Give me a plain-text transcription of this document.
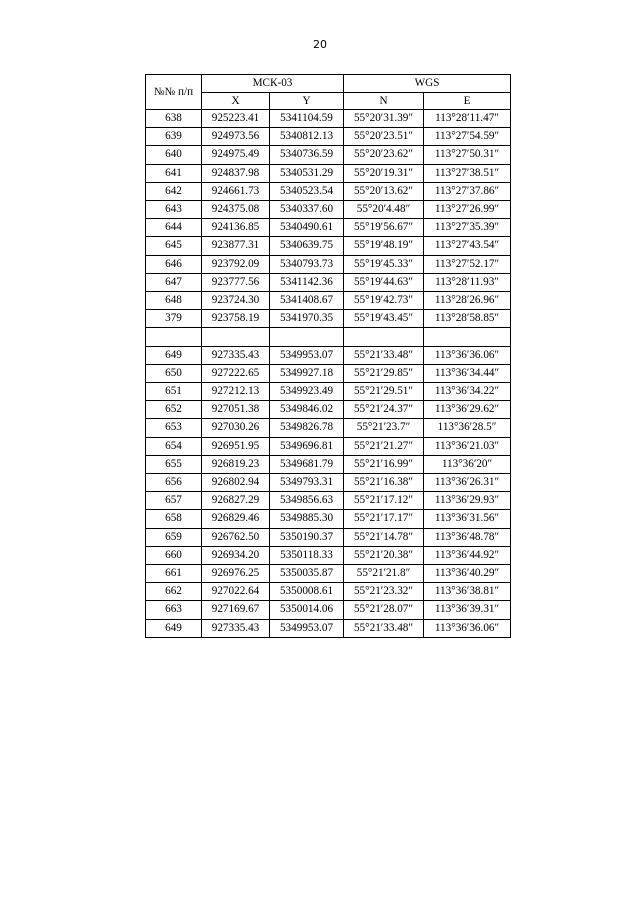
20
№№ п/п	МСК-03		WGS	
	X	Y	N	E
638	925223.41	5341104.59	55°20′31.39″	113°28′11.47″
639	924973.56	5340812.13	55°20′23.51″	113°27′54.59″
640	924975.49	5340736.59	55°20′23.62″	113°27′50.31″
641	924837.98	5340531.29	55°20′19.31″	113°27′38.51″
642	924661.73	5340523.54	55°20′13.62″	113°27′37.86″
643	924375.08	5340337.60	55°20′4.48″	113°27′26.99″
644	924136.85	5340490.61	55°19′56.67″	113°27′35.39″
645	923877.31	5340639.75	55°19′48.19″	113°27′43.54″
646	923792.09	5340793.73	55°19′45.33″	113°27′52.17″
647	923777.56	5341142.36	55°19′44.63″	113°28′11.93″
648	923724.30	5341408.67	55°19′42.73″	113°28′26.96″
379	923758.19	5341970.35	55°19′43.45″	113°28′58.85″

649	927335.43	5349953.07	55°21′33.48″	113°36′36.06″
650	927222.65	5349927.18	55°21′29.85″	113°36′34.44″
651	927212.13	5349923.49	55°21′29.51″	113°36′34.22″
652	927051.38	5349846.02	55°21′24.37″	113°36′29.62″
653	927030.26	5349826.78	55°21′23.7″	113°36′28.5″
654	926951.95	5349696.81	55°21′21.27″	113°36′21.03″
655	926819.23	5349681.79	55°21′16.99″	113°36′20″
656	926802.94	5349793.31	55°21′16.38″	113°36′26.31″
657	926827.29	5349856.63	55°21′17.12″	113°36′29.93″
658	926829.46	5349885.30	55°21′17.17″	113°36′31.56″
659	926762.50	5350190.37	55°21′14.78″	113°36′48.78″
660	926934.20	5350118.33	55°21′20.38″	113°36′44.92″
661	926976.25	5350035.87	55°21′21.8″	113°36′40.29″
662	927022.64	5350008.61	55°21′23.32″	113°36′38.81″
663	927169.67	5350014.06	55°21′28.07″	113°36′39.31″
649	927335.43	5349953.07	55°21′33.48″	113°36′36.06″
